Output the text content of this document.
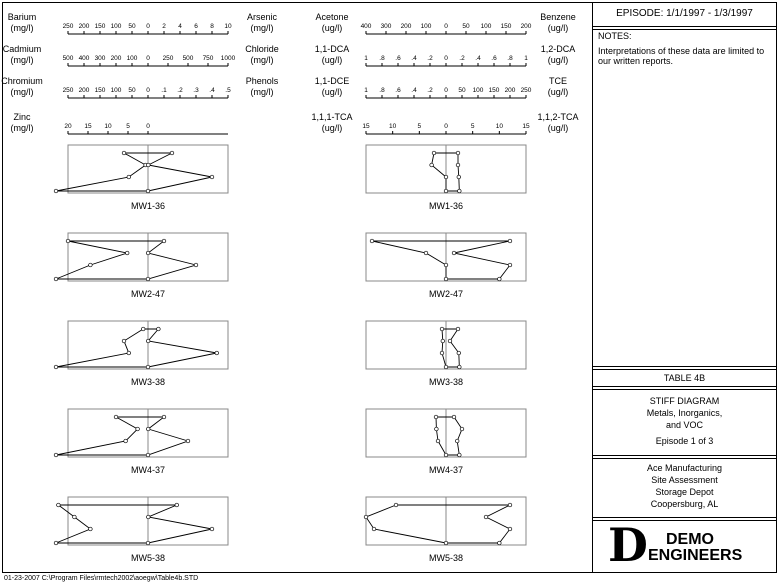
Barium
(mg/l)
Arsenic
(mg/l)
250 200 150 100 50 0 2 4 6 8 10
Cadmium
(mg/l)
Chloride
(mg/l)
500 400 300 200 100 0 250 500 750 1000
Chromium
(mg/l)
Phenols
(mg/l)
250 200 150 100 50 0 .1 .2 .3 .4 .5
Zinc
(mg/l)	20 15 10 5	0
MW1-36
MW2-47
MW3-38
MW4-37
MW5-38
Acetone
(ug/l)
Benzene
(ug/l)
400 300 200 100 0 50 100 150 200
1,1-DCA
(ug/l)
1,2-DCA
(ug/l)
1 .8 .6 .4 .2 0 .2 .4 .6 .8 1
1,1-DCE
(ug/l)
TCE
(ug/l)
1 .8 .6 .4 .2 0 50 100 150 200 250
1,1,1-TCA
(ug/l)
1,1,2-TCA
(ug/l)
15	10	5	0	5	10	15
MW1-36
MW2-47
MW3-38
MW4-37
MW5-38
EPISODE: 1/1/1997 - 1/3/1997
NOTES:
Interpretations of these data are limited to our written reports.
TABLE 4B
STIFF DIAGRAM
Metals, Inorganics,
and VOC
Episode 1 of 3
Ace Manufacturing
Site Assessment
Storage Depot
Coopersburg, AL
D DEMO
ENGINEERS
01-23-2007 C:\Program Files\rmtech2002\aoegw\Table4b.STD
